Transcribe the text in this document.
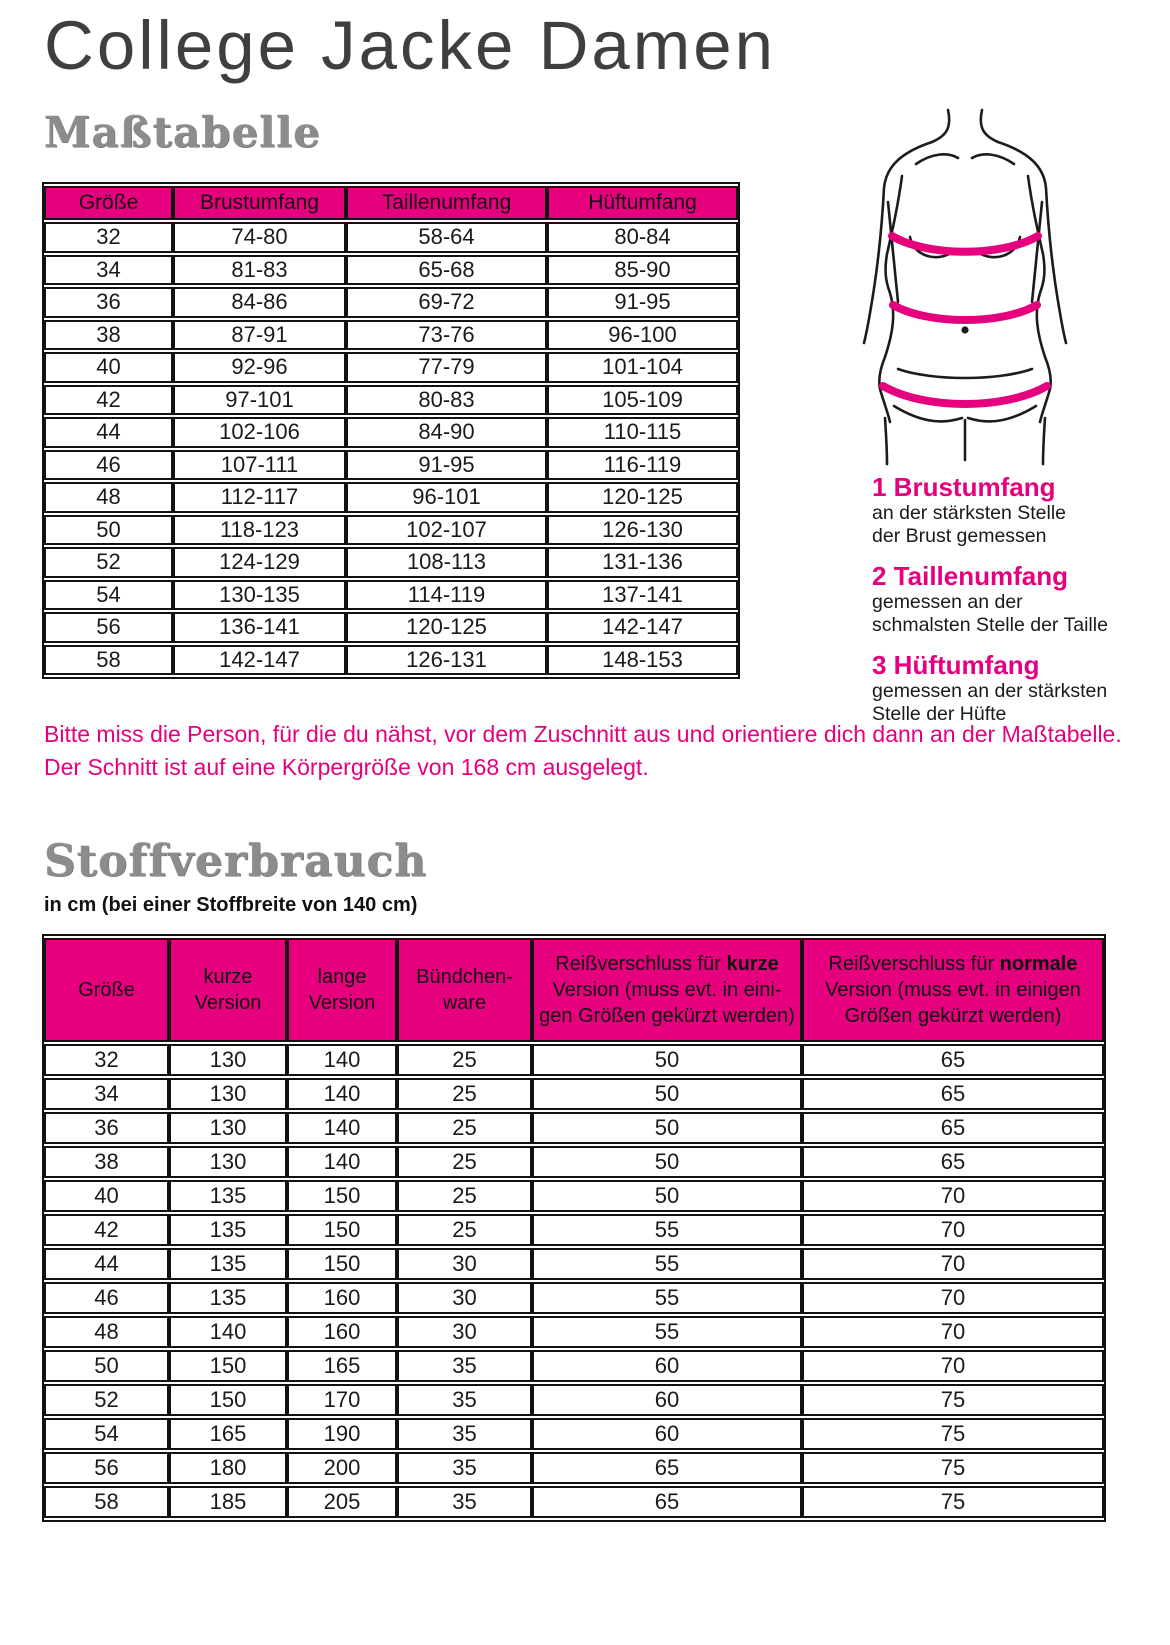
College Jacke Damen
Maßtabelle
Größe	Brustumfang	Taillenumfang	Hüftumfang
32	74-80	58-64	80-84
34	81-83	65-68	85-90
36	84-86	69-72	91-95
38	87-91	73-76	96-100
40	92-96	77-79	101-104
42	97-101	80-83	105-109
44	102-106	84-90	110-115
46	107-111	91-95	116-119
48	112-117	96-101	120-125
50	118-123	102-107	126-130
52	124-129	108-113	131-136
54	130-135	114-119	137-141
56	136-141	120-125	142-147
58	142-147	126-131	148-153
1 Brustumfang
an der stärksten Stelle
der Brust gemessen
2 Taillenumfang
gemessen an der
schmalsten Stelle der Taille
3 Hüftumfang
gemessen an der stärksten
Stelle der Hüfte
Bitte miss die Person, für die du nähst, vor dem Zuschnitt aus und orientiere dich dann an der Maßtabelle.
Der Schnitt ist auf eine Körpergröße von 168 cm ausgelegt.
Stoffverbrauch
in cm (bei einer Stoffbreite von 140 cm)
Größe

kurze
Version

lange
Version

Bündchen-
ware

Reißverschluss für kurze
Version (muss evt. in eini-
gen Größen gekürzt werden)

Reißverschluss für normale
Version (muss evt. in einigen
Größen gekürzt werden)

32	130	140	25	50	65
34	130	140	25	50	65
36	130	140	25	50	65
38	130	140	25	50	65
40	135	150	25	50	70
42	135	150	25	55	70
44	135	150	30	55	70
46	135	160	30	55	70
48	140	160	30	55	70
50	150	165	35	60	70
52	150	170	35	60	75
54	165	190	35	60	75
56	180	200	35	65	75
58	185	205	35	65	75
